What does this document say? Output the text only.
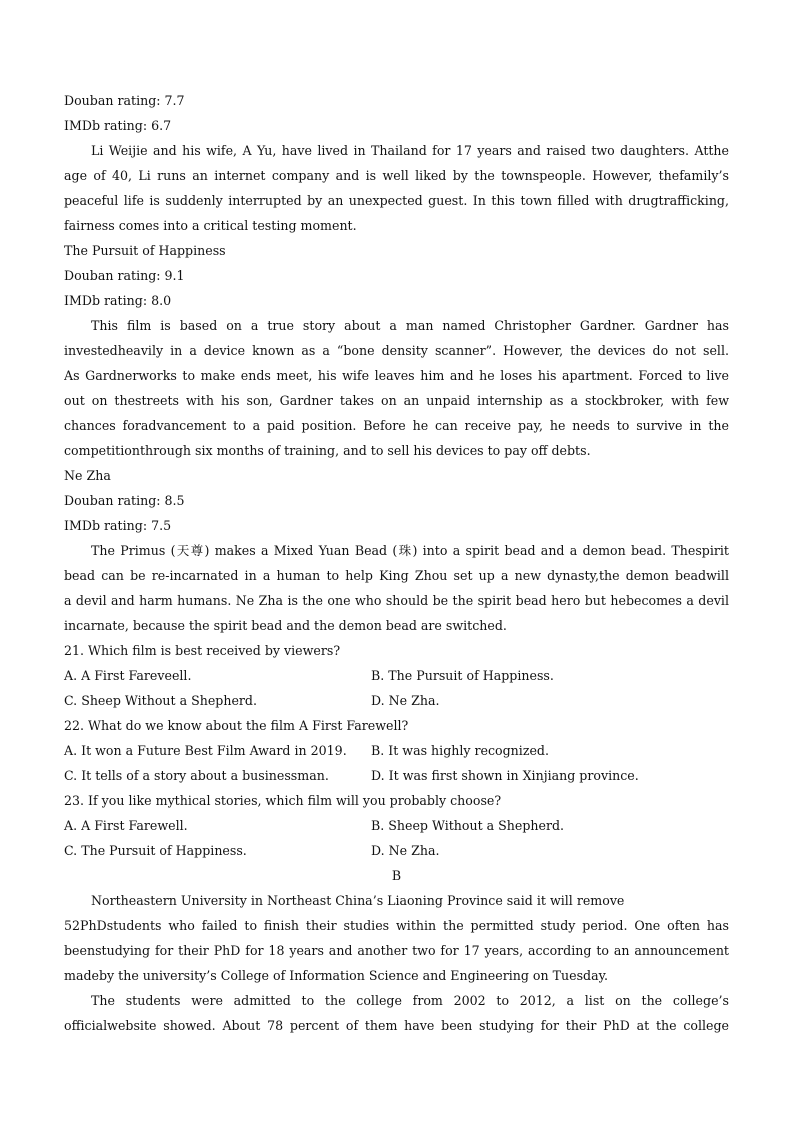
Douban rating: 7.7
IMDb rating: 6.7
Li Weijie and his wife, A Yu, have lived in Thailand for 17 years and raised two daughters. Atthe
age of 40, Li runs an internet company and is well liked by the townspeople. However, thefamily’s
peaceful life is suddenly interrupted by an unexpected guest. In this town filled with drugtrafficking,
fairness comes into a critical testing moment.
The Pursuit of Happiness
Douban rating: 9.1
IMDb rating: 8.0
This film is based on a true story about a man named Christopher Gardner. Gardner has
investedheavily in a device known as a “bone density scanner”. However, the devices do not sell.
As Gardnerworks to make ends meet, his wife leaves him and he loses his apartment. Forced to live
out on thestreets with his son, Gardner takes on an unpaid internship as a stockbroker, with few
chances foradvancement to a paid position. Before he can receive pay, he needs to survive in the
competitionthrough six months of training, and to sell his devices to pay off debts.
Ne Zha
Douban rating: 8.5
IMDb rating: 7.5
The Primus (天尊) makes a Mixed Yuan Bead (珠) into a spirit bead and a demon bead. Thespirit
bead can be re-incarnated in a human to help King Zhou set up a new dynasty,the demon beadwill
a devil and harm humans. Ne Zha is the one who should be the spirit bead hero but hebecomes a devil
incarnate, because the spirit bead and the demon bead are switched.
21. Which film is best received by viewers?
A. A First Fareveell.	B. The Pursuit of Happiness.
C. Sheep Without a Shepherd.	D. Ne Zha.
22. What do we know about the film A First Farewell?
A. It won a Future Best Film Award in 2019.	B. It was highly recognized.
C. It tells of a story about a businessman.	D. It was first shown in Xinjiang province.
23. If you like mythical stories, which film will you probably choose?
A. A First Farewell.	B. Sheep Without a Shepherd.
C. The Pursuit of Happiness.	D. Ne Zha.
B
Northeastern University in Northeast China’s Liaoning Province said it will remove
52PhDstudents who failed to finish their studies within the permitted study period. One often has
beenstudying for their PhD for 18 years and another two for 17 years, according to an announcement
madeby the university’s College of Information Science and Engineering on Tuesday.
The students were admitted to the college from 2002 to 2012, a list on the college’s
officialwebsite showed. About 78 percent of them have been studying for their PhD at the college
